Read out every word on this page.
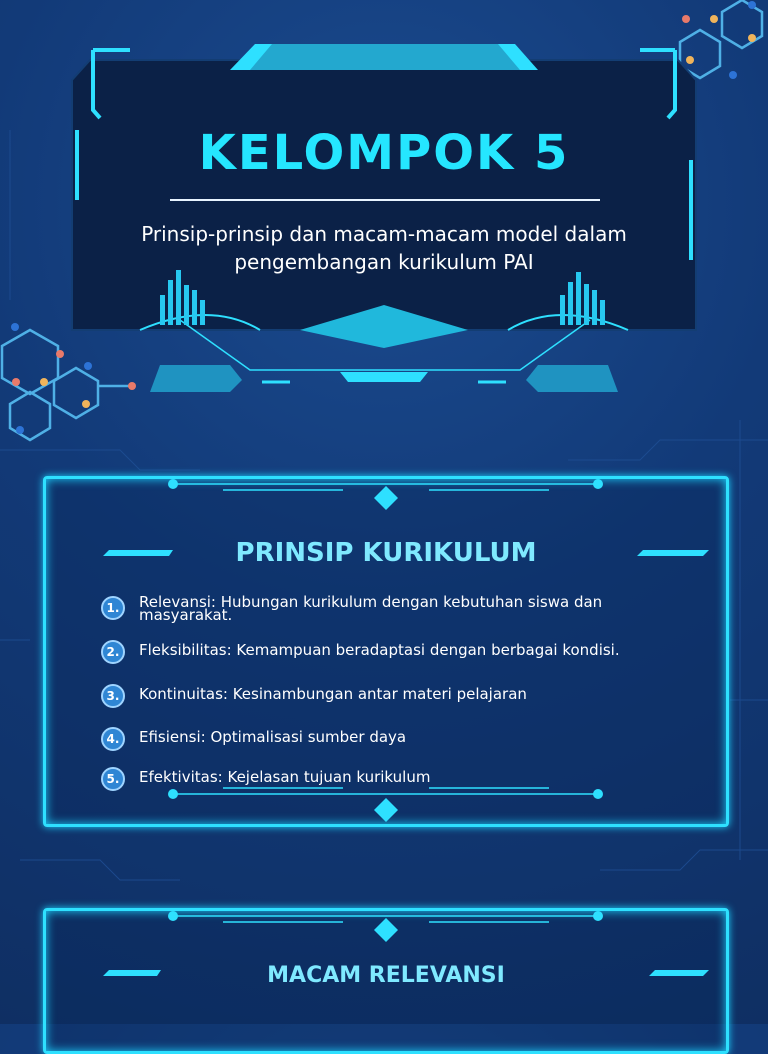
KELOMPOK 5
Prinsip-prinsip dan macam-macam model dalam pengembangan kurikulum PAI
PRINSIP KURIKULUM
1.	Relevansi: Hubungan kurikulum dengan kebutuhan siswa dan masyarakat.
2.	Fleksibilitas: Kemampuan beradaptasi dengan berbagai kondisi.
3.	Kontinuitas: Kesinambungan antar materi pelajaran
4.	Efisiensi: Optimalisasi sumber daya
5.	Efektivitas: Kejelasan tujuan kurikulum
MACAM RELEVANSI
